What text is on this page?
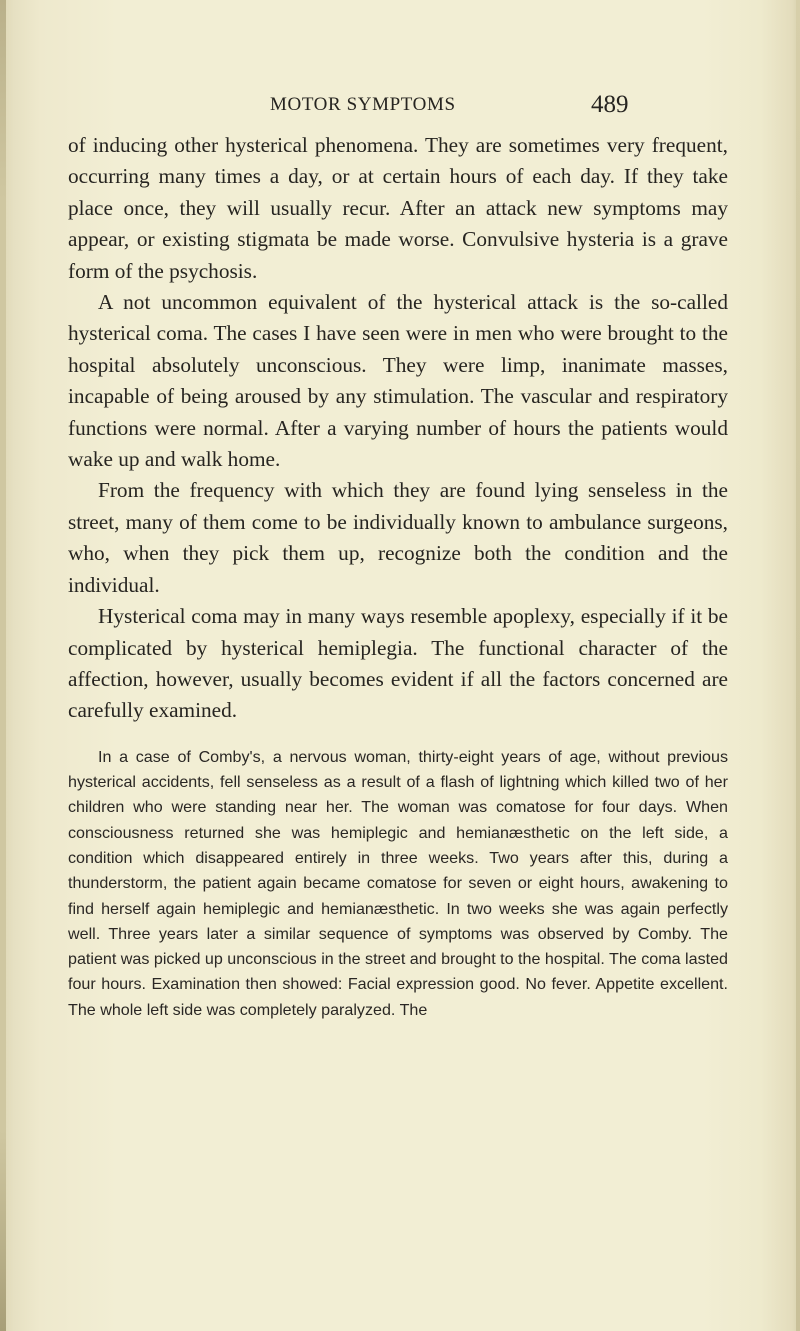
MOTOR SYMPTOMS	489

of inducing other hysterical phenomena. They are sometimes very frequent, occurring many times a day, or at certain hours of each day. If they take place once, they will usually recur. After an attack new symptoms may appear, or existing stigmata be made worse. Convulsive hysteria is a grave form of the psychosis.

A not uncommon equivalent of the hysterical attack is the so-called hysterical coma. The cases I have seen were in men who were brought to the hospital absolutely unconscious. They were limp, inanimate masses, incapable of being aroused by any stimulation. The vascular and respiratory functions were normal. After a varying number of hours the patients would wake up and walk home.

From the frequency with which they are found lying senseless in the street, many of them come to be individually known to ambulance surgeons, who, when they pick them up, recognize both the condition and the individual.

Hysterical coma may in many ways resemble apoplexy, especially if it be complicated by hysterical hemiplegia. The functional character of the affection, however, usually becomes evident if all the factors concerned are carefully examined.

In a case of Comby's, a nervous woman, thirty-eight years of age, without previous hysterical accidents, fell senseless as a result of a flash of lightning which killed two of her children who were standing near her. The woman was comatose for four days. When consciousness returned she was hemiplegic and hemianæsthetic on the left side, a condition which disappeared entirely in three weeks. Two years after this, during a thunderstorm, the patient again became comatose for seven or eight hours, awakening to find herself again hemiplegic and hemianæsthetic. In two weeks she was again perfectly well. Three years later a similar sequence of symptoms was observed by Comby. The patient was picked up unconscious in the street and brought to the hospital. The coma lasted four hours. Examination then showed: Facial expression good. No fever. Appetite excellent. The whole left side was completely paralyzed. The
